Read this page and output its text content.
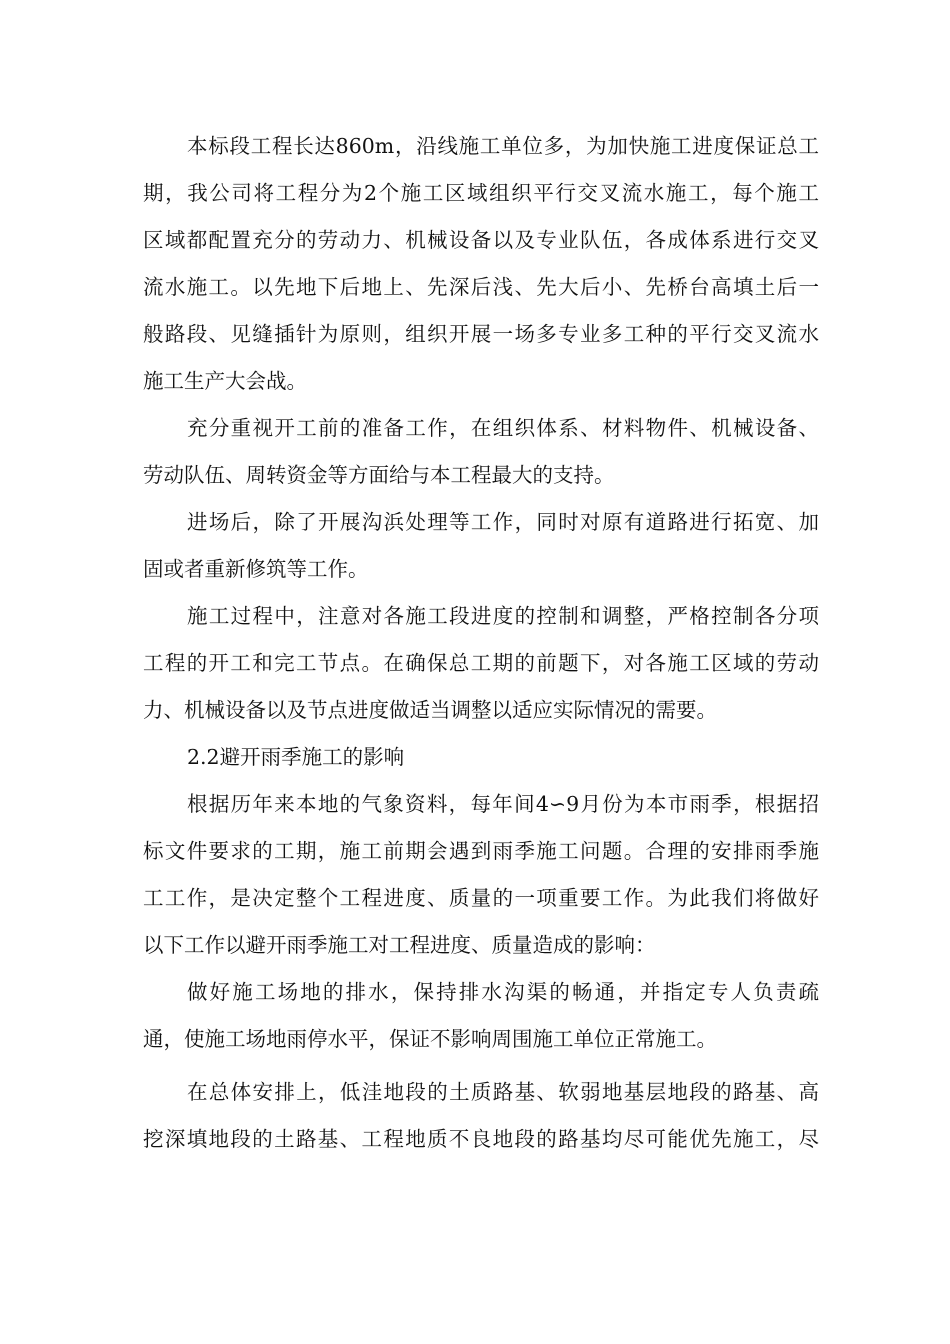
本标段工程长达860m，沿线施工单位多，为加快施工进度保证总工
期，我公司将工程分为2个施工区域组织平行交叉流水施工，每个施工
区域都配置充分的劳动力、机械设备以及专业队伍，各成体系进行交叉
流水施工。以先地下后地上、先深后浅、先大后小、先桥台高填土后一
般路段、见缝插针为原则，组织开展一场多专业多工种的平行交叉流水
施工生产大会战。
充分重视开工前的准备工作，在组织体系、材料物件、机械设备、
劳动队伍、周转资金等方面给与本工程最大的支持。
进场后，除了开展沟浜处理等工作，同时对原有道路进行拓宽、加
固或者重新修筑等工作。
施工过程中，注意对各施工段进度的控制和调整，严格控制各分项
工程的开工和完工节点。在确保总工期的前题下，对各施工区域的劳动
力、机械设备以及节点进度做适当调整以适应实际情况的需要。
2.2避开雨季施工的影响
根据历年来本地的气象资料，每年间4∽9月份为本市雨季，根据招
标文件要求的工期，施工前期会遇到雨季施工问题。合理的安排雨季施
工工作，是决定整个工程进度、质量的一项重要工作。为此我们将做好
以下工作以避开雨季施工对工程进度、质量造成的影响：
做好施工场地的排水，保持排水沟渠的畅通，并指定专人负责疏
通，使施工场地雨停水平，保证不影响周围施工单位正常施工。
在总体安排上，低洼地段的土质路基、软弱地基层地段的路基、高
挖深填地段的土路基、工程地质不良地段的路基均尽可能优先施工，尽
